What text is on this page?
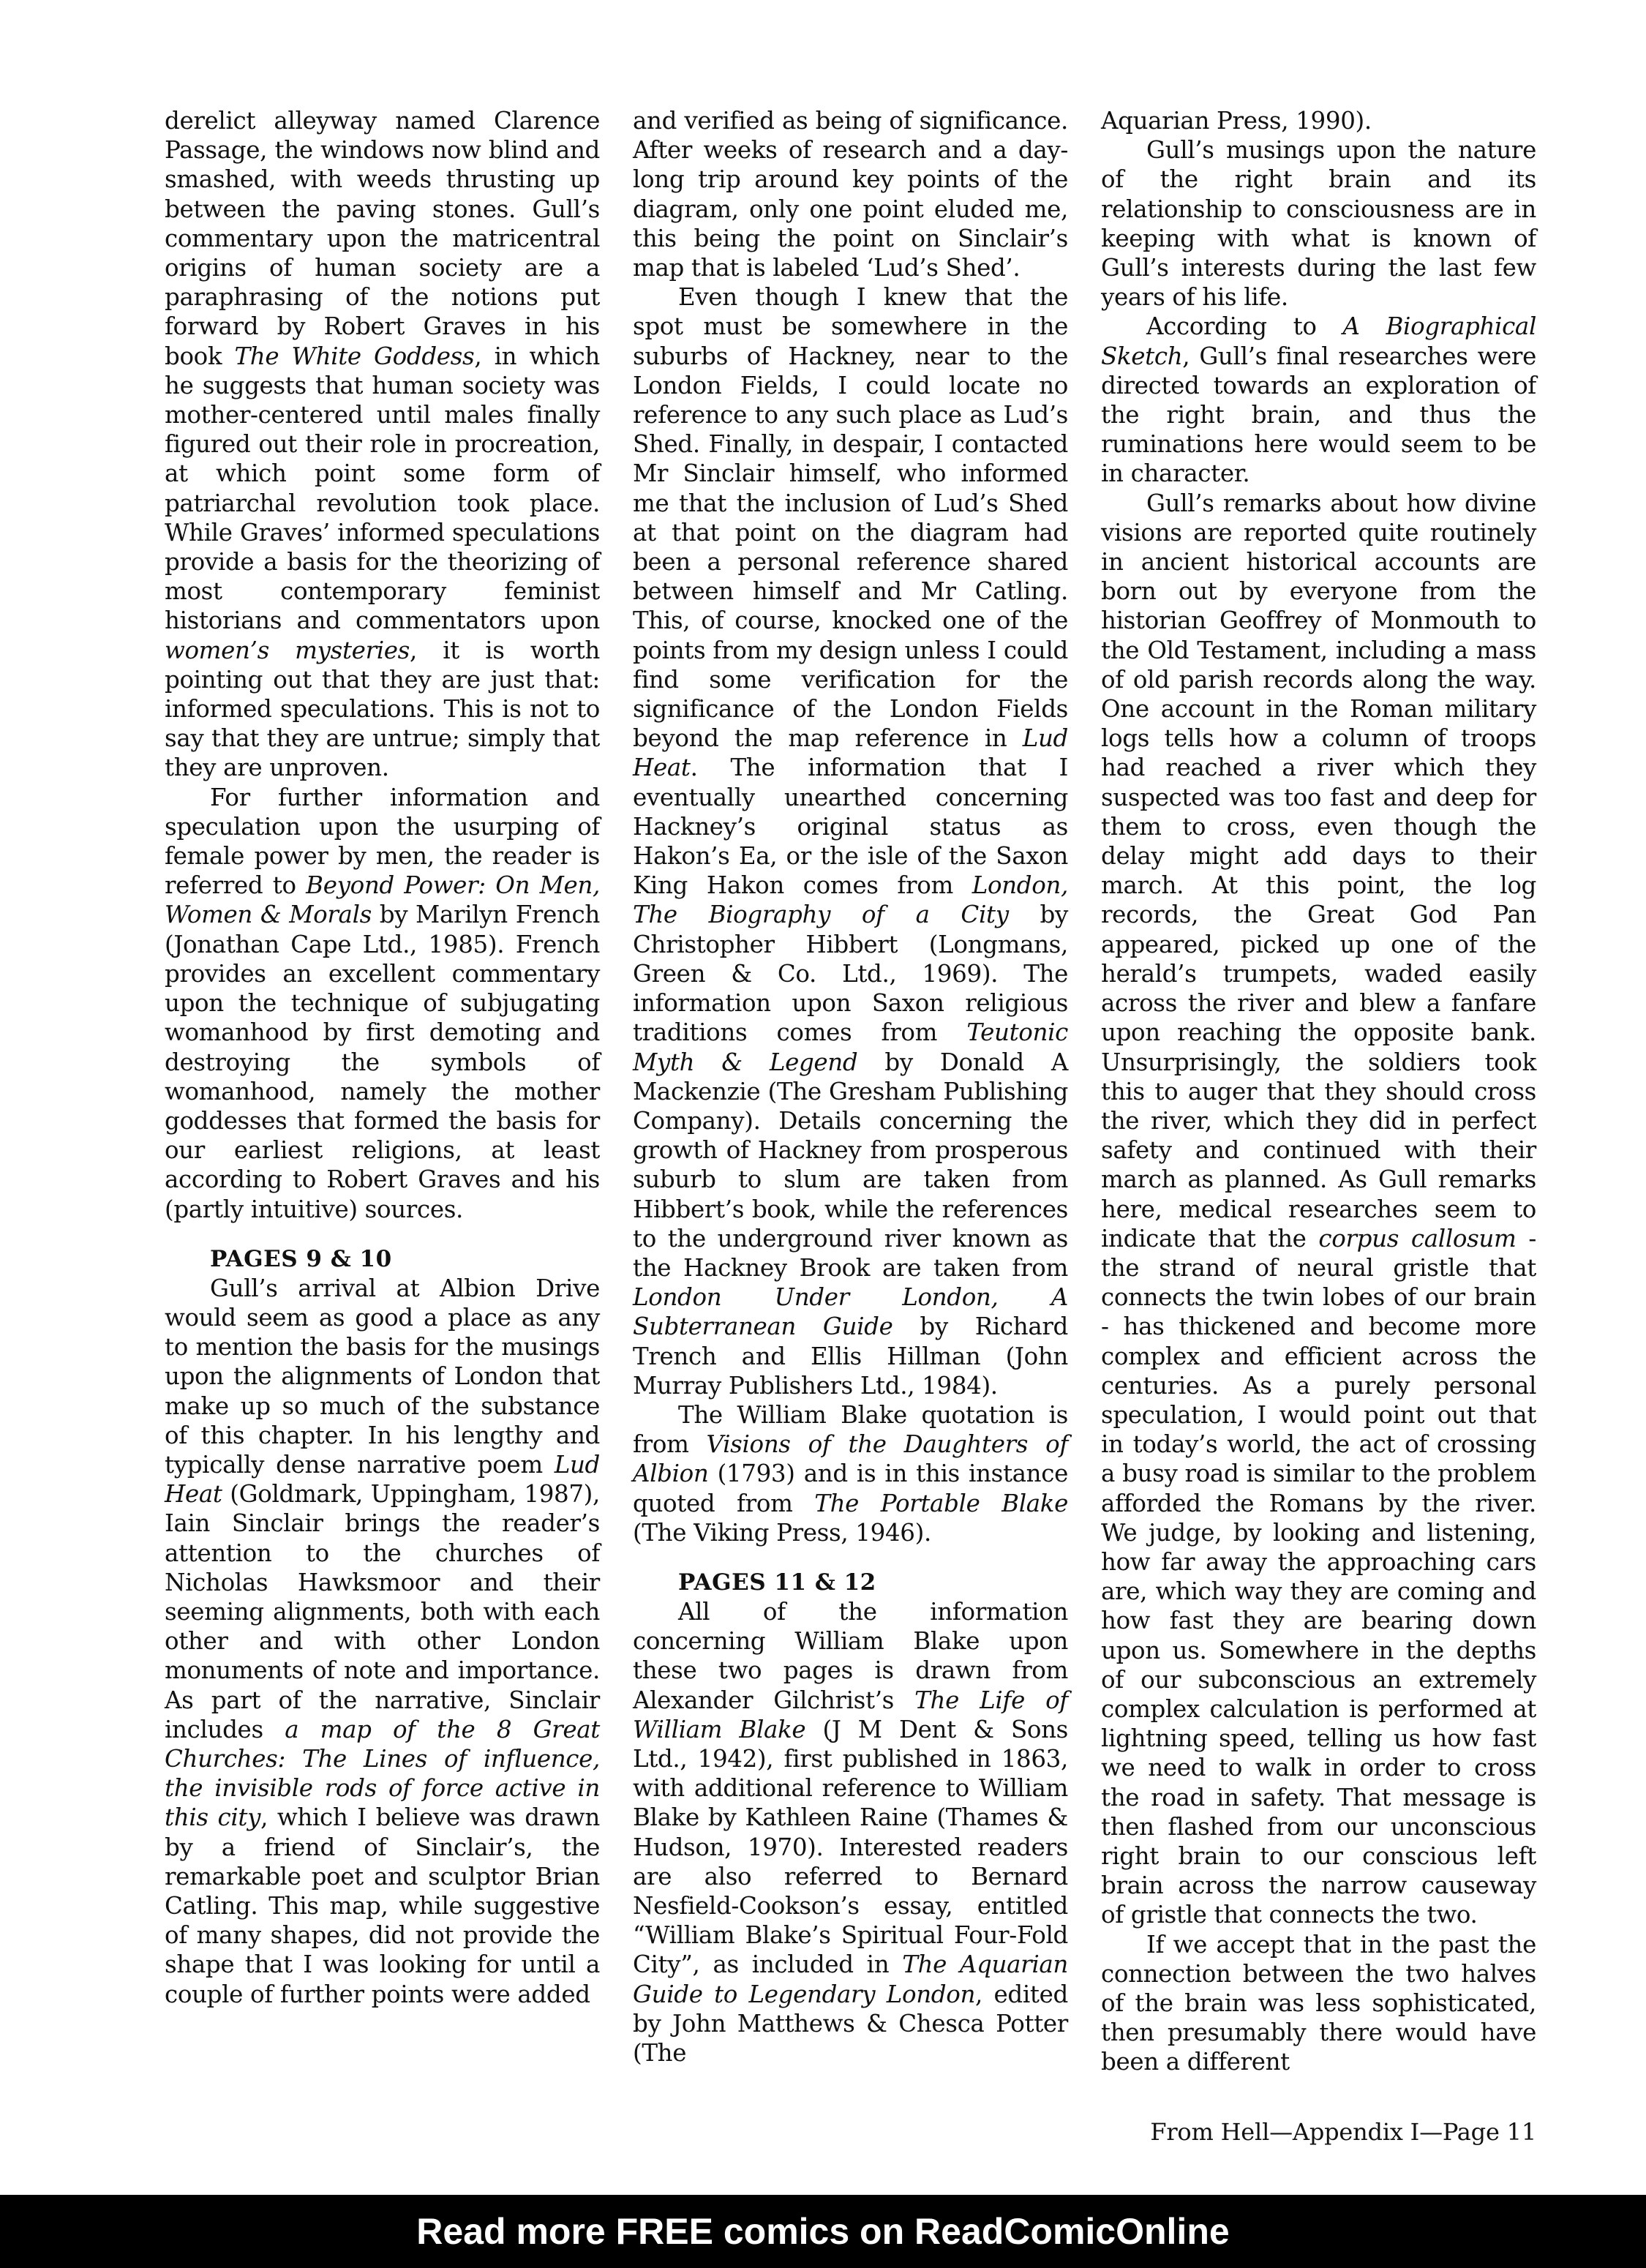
derelict alleyway named Clarence Passage, the windows now blind and smashed, with weeds thrusting up between the paving stones. Gull’s commentary upon the matricentral origins of human society are a paraphrasing of the notions put forward by Robert Graves in his book The White Goddess, in which he suggests that human society was mother-centered until males finally figured out their role in procreation, at which point some form of patriarchal revolution took place. While Graves’ informed speculations provide a basis for the theorizing of most contemporary feminist historians and commentators upon women’s mysteries, it is worth pointing out that they are just that: informed speculations. This is not to say that they are untrue; simply that they are unproven.

For further information and speculation upon the usurping of female power by men, the reader is referred to Beyond Power: On Men, Women & Morals by Marilyn French (Jonathan Cape Ltd., 1985). French provides an excellent commentary upon the technique of subjugating womanhood by first demoting and destroying the symbols of womanhood, namely the mother goddesses that formed the basis for our earliest religions, at least according to Robert Graves and his (partly intuitive) sources.

PAGES 9 & 10

Gull’s arrival at Albion Drive would seem as good a place as any to mention the basis for the musings upon the alignments of London that make up so much of the substance of this chapter. In his lengthy and typically dense narrative poem Lud Heat (Goldmark, Uppingham, 1987), Iain Sinclair brings the reader’s attention to the churches of Nicholas Hawksmoor and their seeming alignments, both with each other and with other London monuments of note and importance. As part of the narrative, Sinclair includes a map of the 8 Great Churches: The Lines of influence, the invisible rods of force active in this city, which I believe was drawn by a friend of Sinclair’s, the remarkable poet and sculptor Brian Catling. This map, while suggestive of many shapes, did not provide the shape that I was looking for until a couple of further points were added

and verified as being of significance. After weeks of research and a day-long trip around key points of the diagram, only one point eluded me, this being the point on Sinclair’s map that is labeled ‘Lud’s Shed’.

Even though I knew that the spot must be somewhere in the suburbs of Hackney, near to the London Fields, I could locate no reference to any such place as Lud’s Shed. Finally, in despair, I contacted Mr Sinclair himself, who informed me that the inclusion of Lud’s Shed at that point on the diagram had been a personal reference shared between himself and Mr Catling. This, of course, knocked one of the points from my design unless I could find some verification for the significance of the London Fields beyond the map reference in Lud Heat. The information that I eventually unearthed concerning Hackney’s original status as Hakon’s Ea, or the isle of the Saxon King Hakon comes from London, The Biography of a City by Christopher Hibbert (Longmans, Green & Co. Ltd., 1969). The information upon Saxon religious traditions comes from Teutonic Myth & Legend by Donald A Mackenzie (The Gresham Publishing Company). Details concerning the growth of Hackney from prosperous suburb to slum are taken from Hibbert’s book, while the references to the underground river known as the Hackney Brook are taken from London Under London, A Subterranean Guide by Richard Trench and Ellis Hillman (John Murray Publishers Ltd., 1984).

The William Blake quotation is from Visions of the Daughters of Albion (1793) and is in this instance quoted from The Portable Blake (The Viking Press, 1946).

PAGES 11 & 12

All of the information concerning William Blake upon these two pages is drawn from Alexander Gilchrist’s The Life of William Blake (J M Dent & Sons Ltd., 1942), first published in 1863, with additional reference to William Blake by Kathleen Raine (Thames & Hudson, 1970). Interested readers are also referred to Bernard Nesfield-Cookson’s essay, entitled “William Blake’s Spiritual Four-Fold City”, as included in The Aquarian Guide to Legendary London, edited by John Matthews & Chesca Potter (The

Aquarian Press, 1990).

Gull’s musings upon the nature of the right brain and its relationship to consciousness are in keeping with what is known of Gull’s interests during the last few years of his life.

According to A Biographical Sketch, Gull’s final researches were directed towards an exploration of the right brain, and thus the ruminations here would seem to be in character.

Gull’s remarks about how divine visions are reported quite routinely in ancient historical accounts are born out by everyone from the historian Geoffrey of Monmouth to the Old Testament, including a mass of old parish records along the way. One account in the Roman military logs tells how a column of troops had reached a river which they suspected was too fast and deep for them to cross, even though the delay might add days to their march. At this point, the log records, the Great God Pan appeared, picked up one of the herald’s trumpets, waded easily across the river and blew a fanfare upon reaching the opposite bank. Unsurprisingly, the soldiers took this to auger that they should cross the river, which they did in perfect safety and continued with their march as planned. As Gull remarks here, medical researches seem to indicate that the corpus callosum - the strand of neural gristle that connects the twin lobes of our brain - has thickened and become more complex and efficient across the centuries. As a purely personal speculation, I would point out that in today’s world, the act of crossing a busy road is similar to the problem afforded the Romans by the river. We judge, by looking and listening, how far away the approaching cars are, which way they are coming and how fast they are bearing down upon us. Somewhere in the depths of our subconscious an extremely complex calculation is performed at lightning speed, telling us how fast we need to walk in order to cross the road in safety. That message is then flashed from our unconscious right brain to our conscious left brain across the narrow causeway of gristle that connects the two.

If we accept that in the past the connection between the two halves of the brain was less sophisticated, then presumably there would have been a different

From Hell—Appendix I—Page 11
Read more FREE comics on ReadComicOnline
